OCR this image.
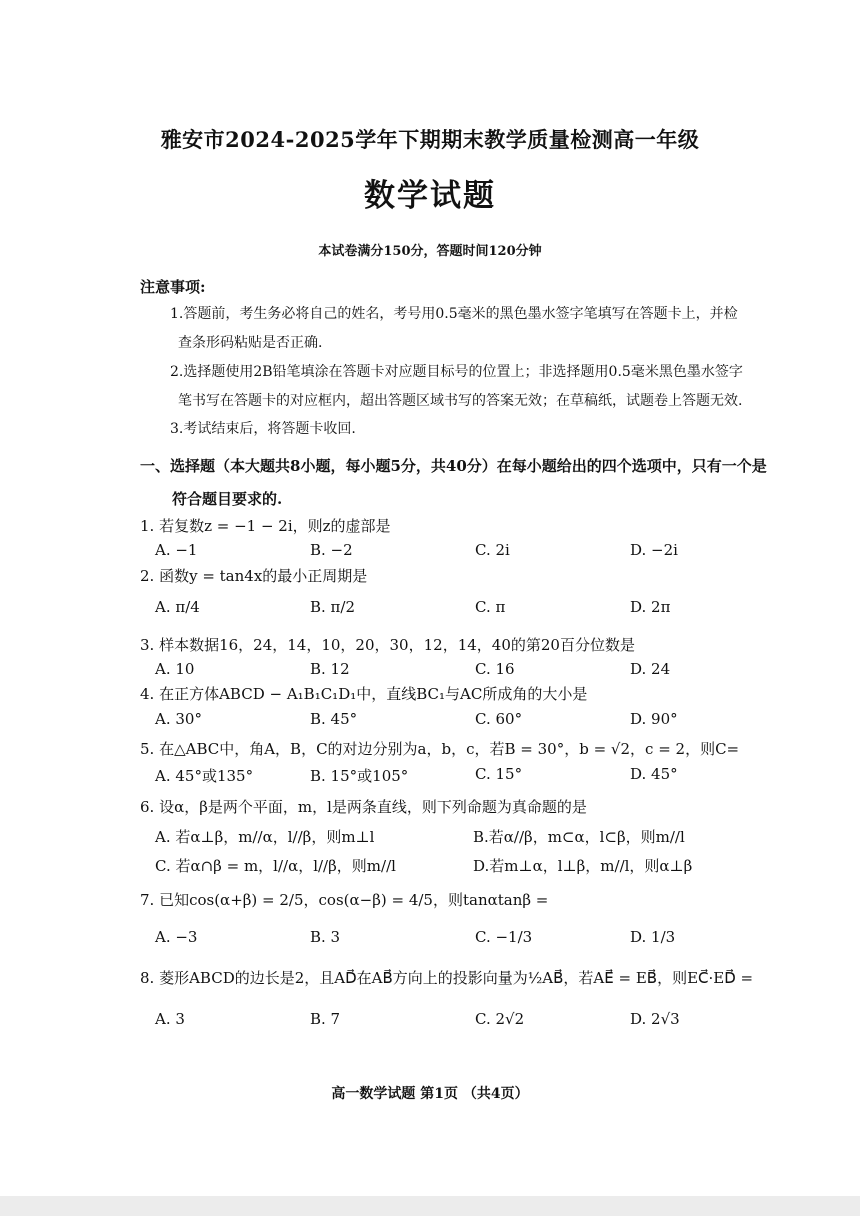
雅安市2024-2025学年下期期末教学质量检测高一年级
数学试题
本试卷满分150分，答题时间120分钟
注意事项:
1.答题前，考生务必将自己的姓名，考号用0.5毫米的黑色墨水签字笔填写在答题卡上，并检
查条形码粘贴是否正确.
2.选择题使用2B铅笔填涂在答题卡对应题目标号的位置上；非选择题用0.5毫米黑色墨水签字
笔书写在答题卡的对应框内，超出答题区域书写的答案无效；在草稿纸，试题卷上答题无效.
3.考试结束后，将答题卡收回.
一、选择题（本大题共8小题，每小题5分，共40分）在每小题给出的四个选项中，只有一个是
符合题目要求的.
1. 若复数z = −1 − 2i，则z的虚部是
A. −1	B. −2	C. 2i	D. −2i
2. 函数y = tan4x的最小正周期是
A. π/4	B. π/2	C. π	D. 2π
3. 样本数据16，24，14，10，20，30，12，14，40的第20百分位数是
A. 10	B. 12	C. 16	D. 24
4. 在正方体ABCD − A₁B₁C₁D₁中，直线BC₁与AC所成角的大小是
A. 30°	B. 45°	C. 60°	D. 90°
5. 在△ABC中，角A，B，C的对边分别为a，b，c，若B = 30°，b = √2，c = 2，则C=
A. 45°或135°	B. 15°或105°	C. 15°	D. 45°
6. 设α，β是两个平面，m，l是两条直线，则下列命题为真命题的是
A. 若α⊥β，m//α，l//β，则m⊥l	B.若α//β，m⊂α，l⊂β，则m//l
C. 若α∩β = m，l//α，l//β，则m//l	D.若m⊥α，l⊥β，m//l，则α⊥β
7. 已知cos(α+β) = 2/5，cos(α−β) = 4/5，则tanαtanβ =
A. −3	B. 3	C. −1/3	D. 1/3
8. 菱形ABCD的边长是2，且AD⃗在AB⃗方向上的投影向量为½AB⃗，若AE⃗ = EB⃗，则EC⃗·ED⃗ =
A. 3	B. 7	C. 2√2	D. 2√3
高一数学试题 第1页 （共4页）
